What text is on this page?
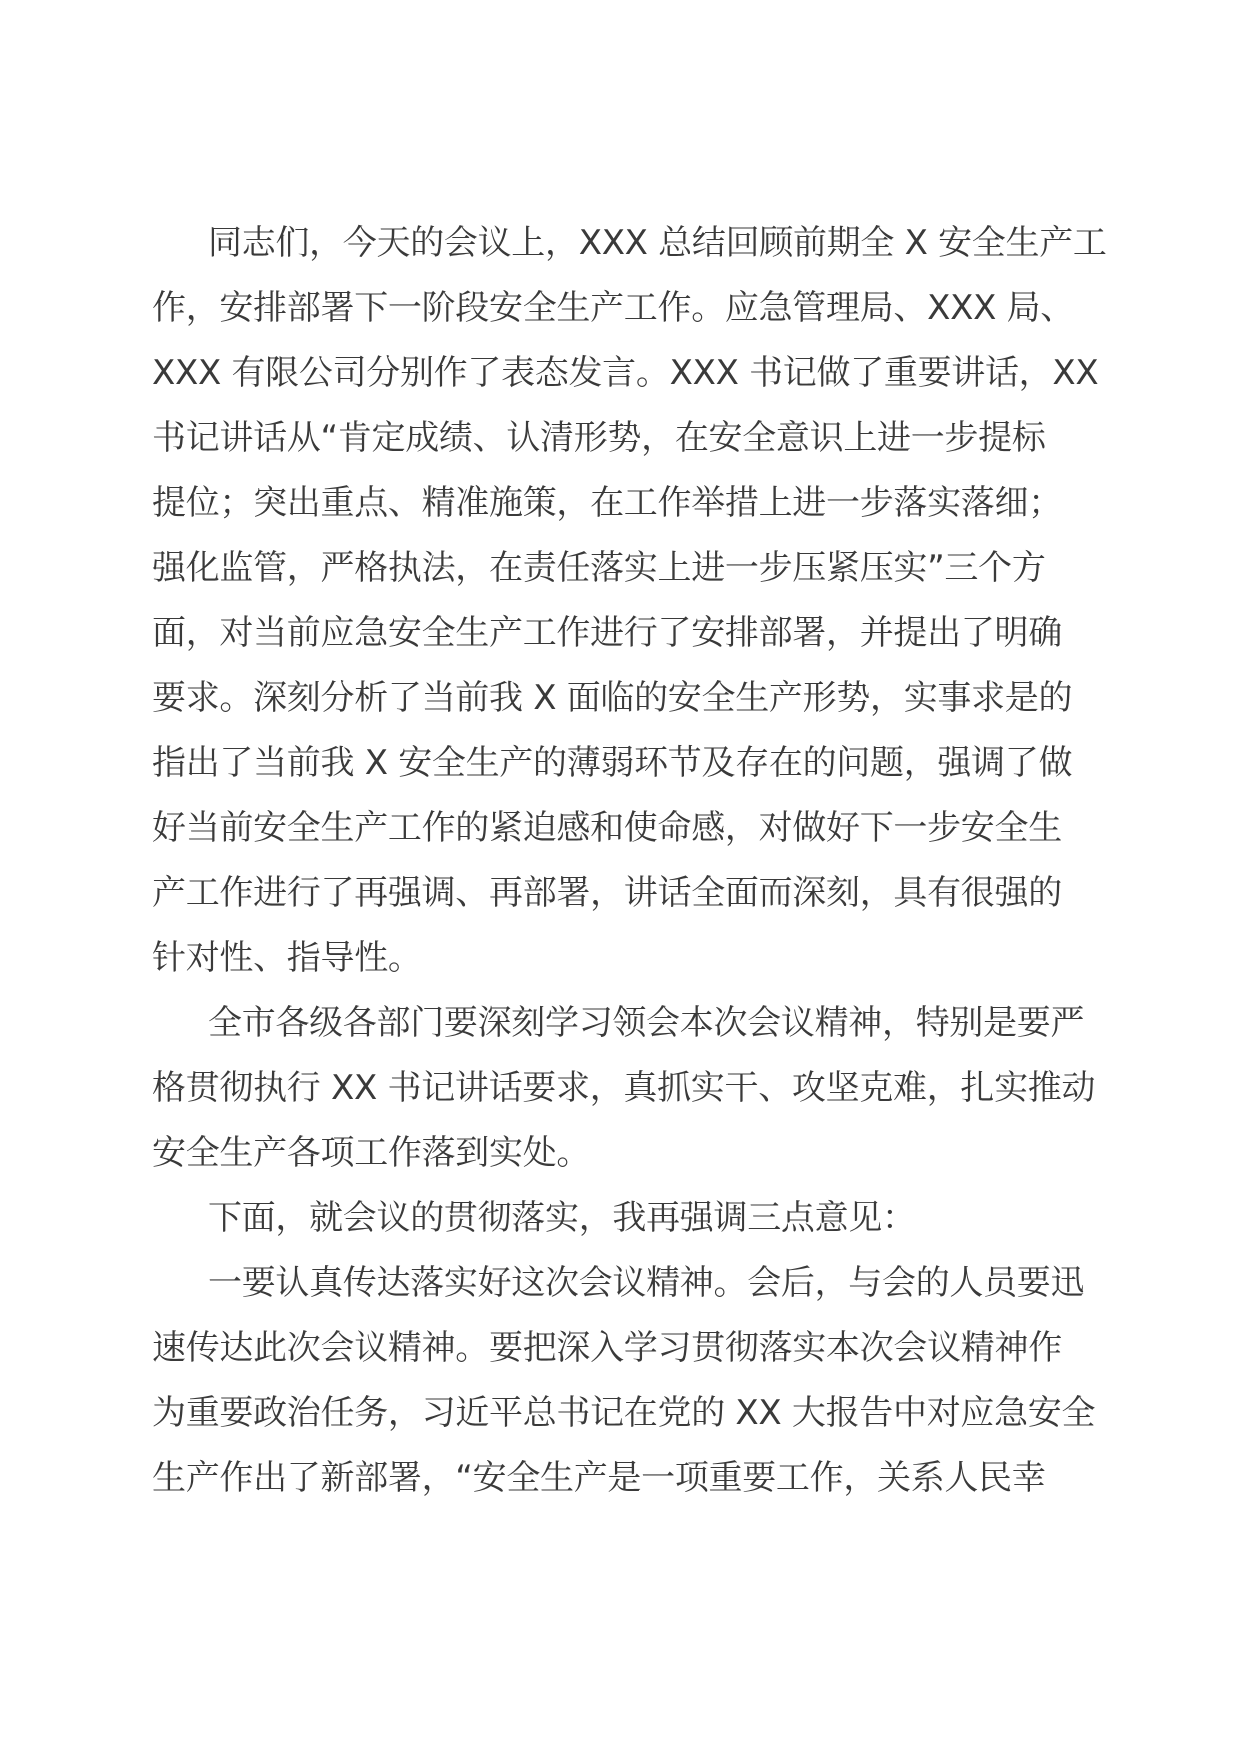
同志们，今天的会议上，XXX 总结回顾前期全 X 安全生产工
作，安排部署下一阶段安全生产工作。应急管理局、XXX 局、
XXX 有限公司分别作了表态发言。XXX 书记做了重要讲话，XX
书记讲话从“肯定成绩、认清形势，在安全意识上进一步提标
提位；突出重点、精准施策，在工作举措上进一步落实落细；
强化监管，严格执法，在责任落实上进一步压紧压实”三个方
面，对当前应急安全生产工作进行了安排部署，并提出了明确
要求。深刻分析了当前我 X 面临的安全生产形势，实事求是的
指出了当前我 X 安全生产的薄弱环节及存在的问题，强调了做
好当前安全生产工作的紧迫感和使命感，对做好下一步安全生
产工作进行了再强调、再部署，讲话全面而深刻，具有很强的
针对性、指导性。
全市各级各部门要深刻学习领会本次会议精神，特别是要严
格贯彻执行 XX 书记讲话要求，真抓实干、攻坚克难，扎实推动
安全生产各项工作落到实处。
下面，就会议的贯彻落实，我再强调三点意见：
一要认真传达落实好这次会议精神。会后，与会的人员要迅
速传达此次会议精神。要把深入学习贯彻落实本次会议精神作
为重要政治任务，习近平总书记在党的 XX 大报告中对应急安全
生产作出了新部署，“安全生产是一项重要工作，关系人民幸
